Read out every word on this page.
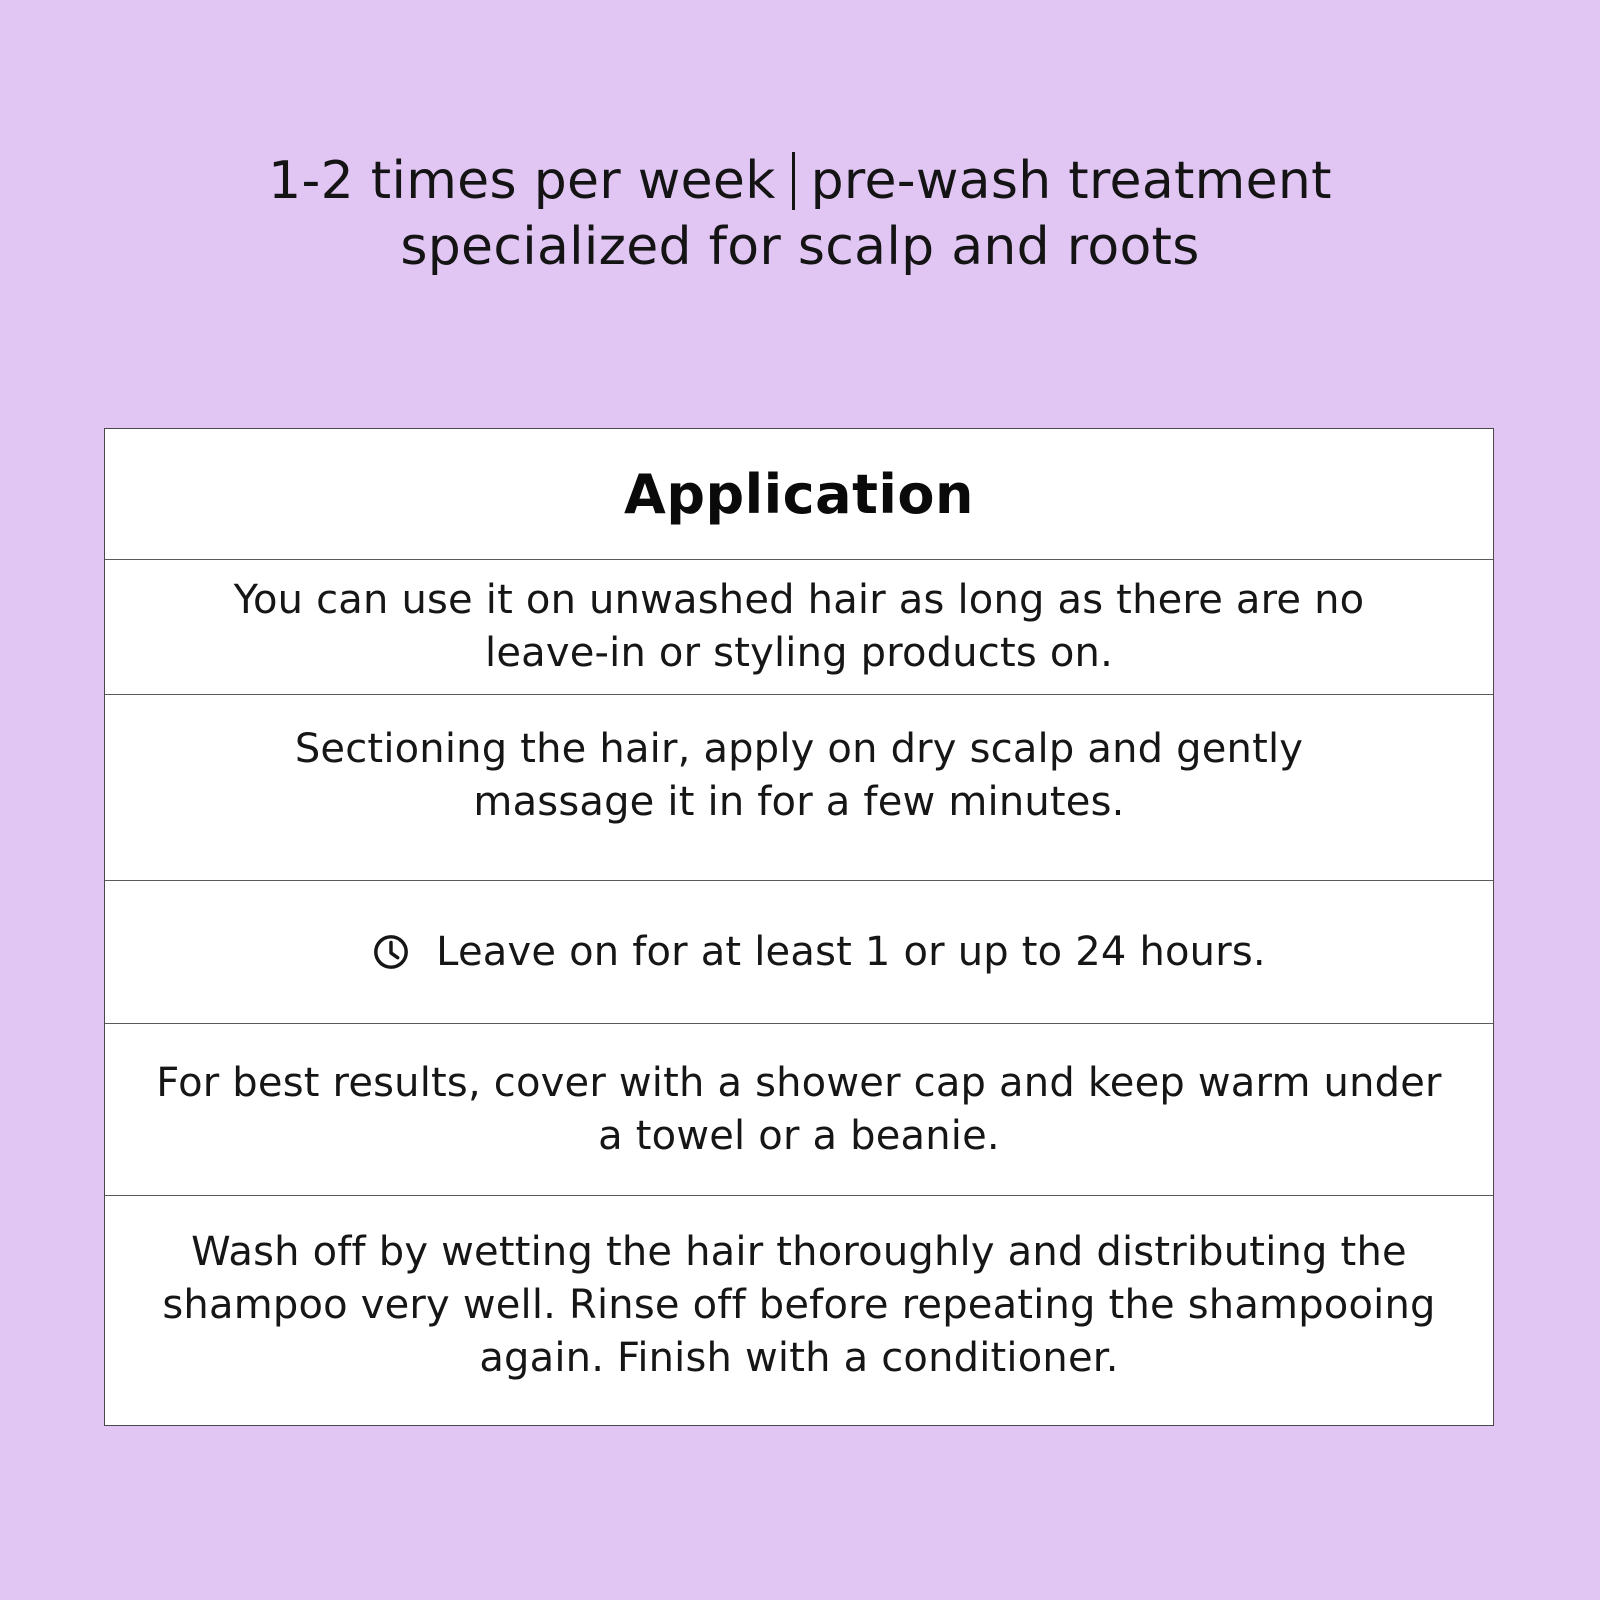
1-2 times per week pre-wash treatment
specialized for scalp and roots
Application
You can use it on unwashed hair as long as there are no
leave-in or styling products on.
Sectioning the hair, apply on dry scalp and gently
massage it in for a few minutes.
Leave on for at least 1 or up to 24 hours.
For best results, cover with a shower cap and keep warm under
a towel or a beanie.
Wash off by wetting the hair thoroughly and distributing the
shampoo very well. Rinse off before repeating the shampooing
again. Finish with a conditioner.
